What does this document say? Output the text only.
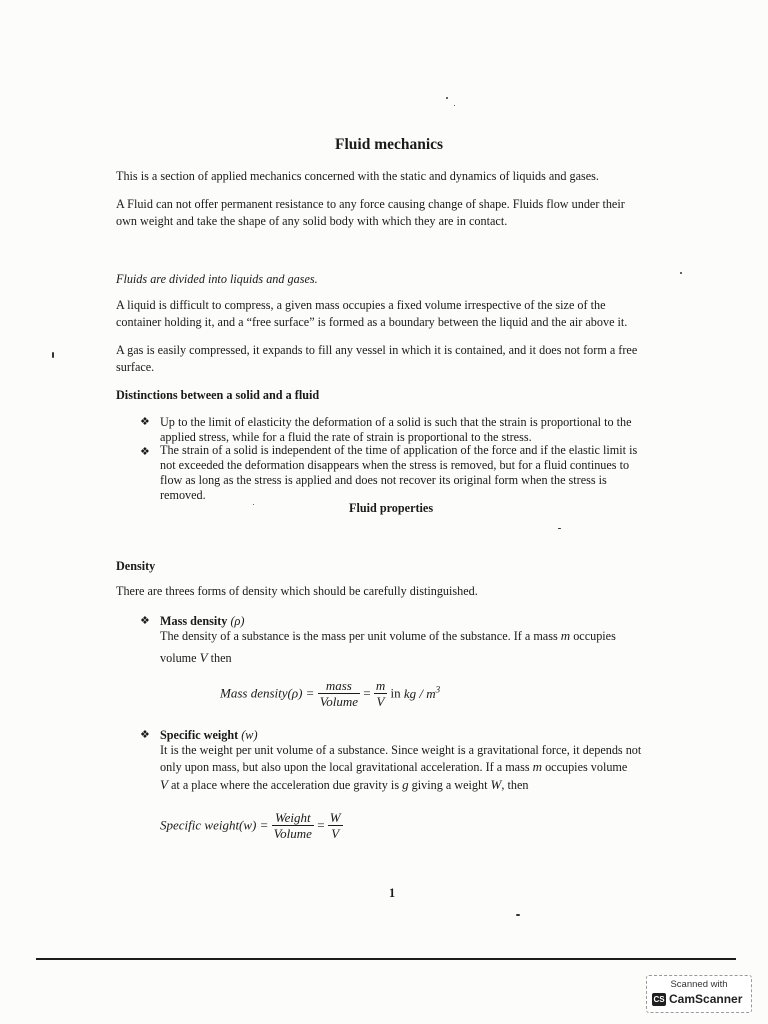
Fluid mechanics
This is a section of applied mechanics concerned with the static and dynamics of liquids and gases.
A Fluid can not offer permanent resistance to any force causing change of shape. Fluids flow under their
own weight and take the shape of any solid body with which they are in contact.
Fluids are divided into liquids and gases.
A liquid is difficult to compress, a given mass occupies a fixed volume irrespective of the size of the
container holding it, and a “free surface” is formed as a boundary between the liquid and the air above it.
A gas is easily compressed, it expands to fill any vessel in which it is contained, and it does not form a free
surface.
Distinctions between a solid and a fluid
❖ Up to the limit of elasticity the deformation of a solid is such that the strain is proportional to the
applied stress, while for a fluid the rate of strain is proportional to the stress.
❖ The strain of a solid is independent of the time of application of the force and if the elastic limit is
not exceeded the deformation disappears when the stress is removed, but for a fluid continues to
flow as long as the stress is applied and does not recover its original form when the stress is
removed.
Fluid properties
Density
There are threes forms of density which should be carefully distinguished.
❖ Mass density (ρ)
The density of a substance is the mass per unit volume of the substance. If a mass m occupies
volume V then
Mass density(ρ) = $\frac{\text{mass}}{\text{Volume}} = \frac{m}{V}$ in kg / $m^3$
❖ Specific weight (w)
It is the weight per unit volume of a substance. Since weight is a gravitational force, it depends not
only upon mass, but also upon the local gravitational acceleration. If a mass m occupies volume
V at a place where the acceleration due gravity is g giving a weight W, then
Specific weight(w) = $\frac{\text{Weight}}{\text{Volume}} = \frac{W}{V}$
1
Scanned with
CS CamScanner
